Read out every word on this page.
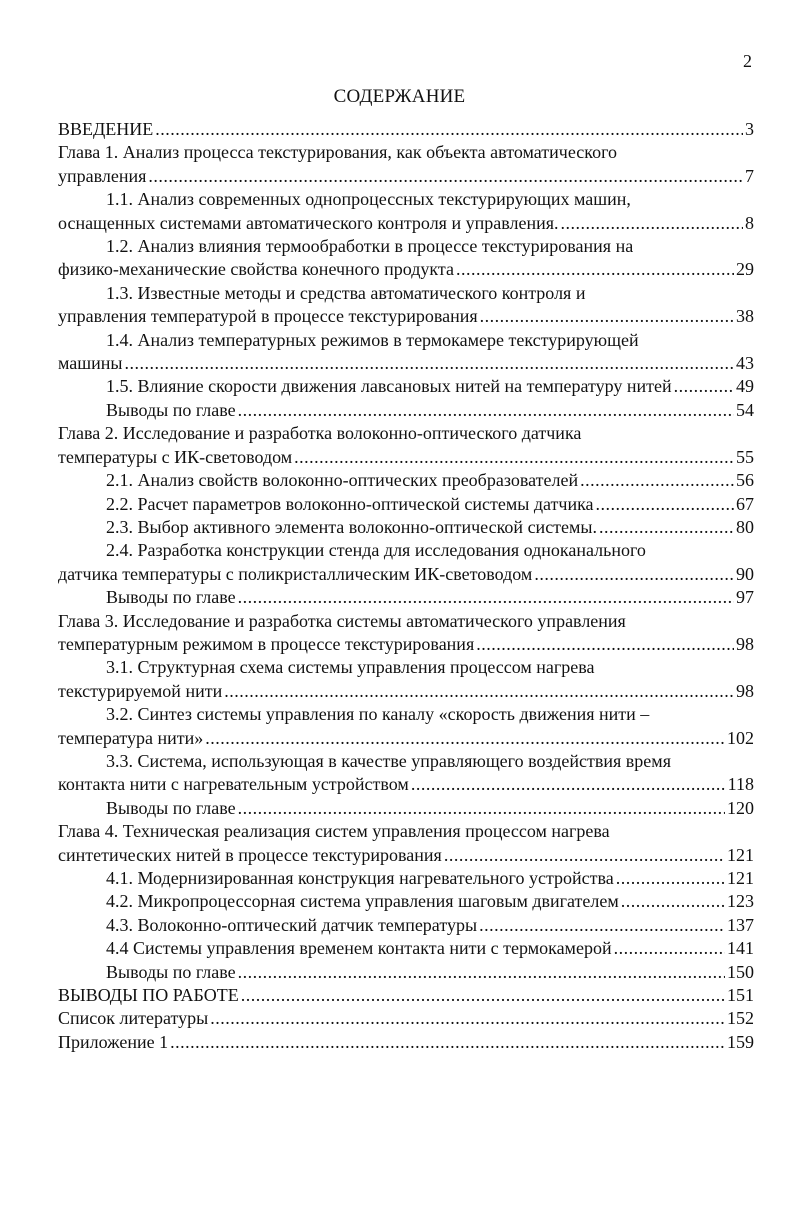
2
СОДЕРЖАНИЕ
ВВЕДЕНИЕ .....	3
Глава 1. Анализ процесса текстурирования, как объекта автоматического
управления .....	7
1.1. Анализ современных однопроцессных текстурирующих машин,
оснащенных системами автоматического контроля и управления. .....	8
1.2. Анализ влияния термообработки в процессе текстурирования на
физико-механические свойства конечного продукта .....	29
1.3. Известные методы и средства автоматического контроля и
управления температурой в процессе текстурирования .....	38
1.4. Анализ температурных режимов в термокамере текстурирующей
машины .....	43
1.5. Влияние скорости движения лавсановых нитей на температуру нитей .....	49
Выводы по главе .....	54
Глава 2. Исследование и разработка волоконно-оптического датчика
температуры с ИК-световодом .....	55
2.1. Анализ свойств волоконно-оптических преобразователей .....	56
2.2. Расчет параметров волоконно-оптической системы датчика .....	67
2.3. Выбор активного элемента волоконно-оптической системы. .....	80
2.4. Разработка конструкции стенда для исследования одноканального
датчика температуры с поликристаллическим ИК-световодом .....	90
Выводы по главе .....	97
Глава 3. Исследование и разработка системы автоматического управления
температурным режимом в процессе текстурирования .....	98
3.1. Структурная схема системы управления процессом нагрева
текстурируемой нити .....	98
3.2. Синтез системы управления по каналу «скорость движения нити –
температура нити» .....	102
3.3. Система, использующая в качестве управляющего воздействия время
контакта нити с нагревательным устройством .....	118
Выводы по главе .....	120
Глава 4. Техническая реализация систем управления процессом нагрева
синтетических нитей в процессе текстурирования .....	121
4.1. Модернизированная конструкция нагревательного устройства .....	121
4.2. Микропроцессорная система управления шаговым двигателем .....	123
4.3. Волоконно-оптический датчик температуры .....	137
4.4 Системы управления временем контакта нити с термокамерой .....	141
Выводы по главе .....	150
ВЫВОДЫ ПО РАБОТЕ .....	151
Список литературы .....	152
Приложение 1 .....	159
